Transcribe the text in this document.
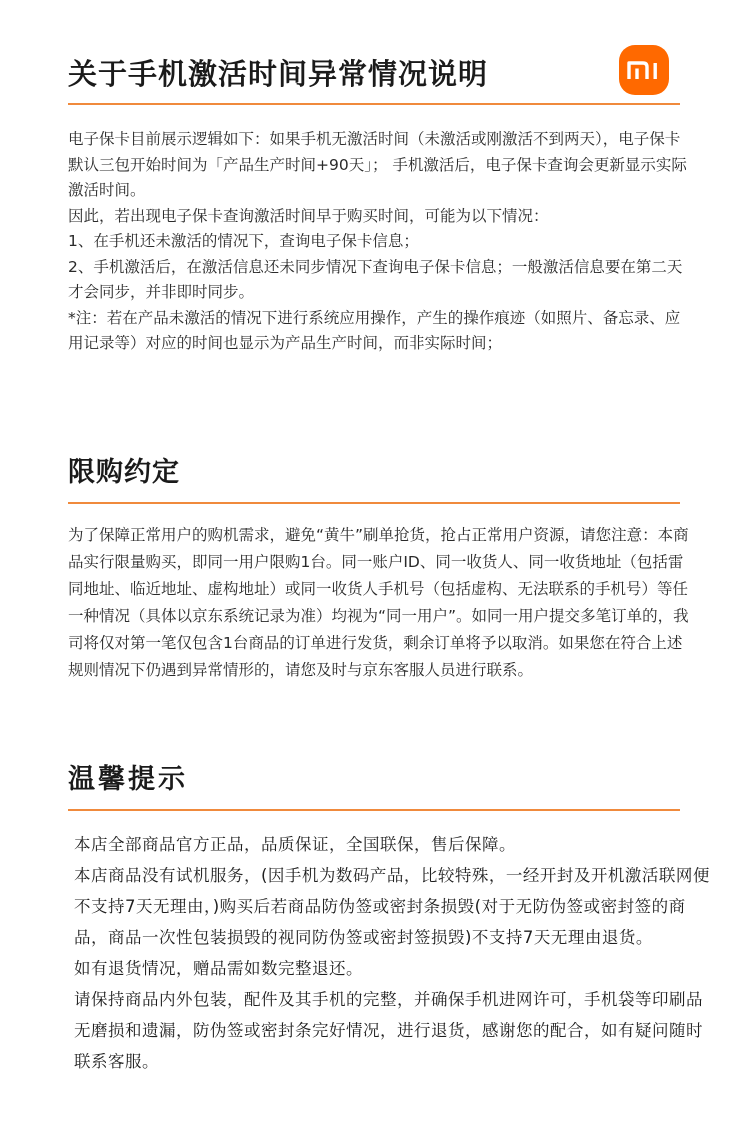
关于手机激活时间异常情况说明

电子保卡目前展示逻辑如下：如果手机无激活时间（未激活或刚激活不到两天），电子保卡默认三包开始时间为「产品生产时间+90天」； 手机激活后，电子保卡查询会更新显示实际激活时间。

因此，若出现电子保卡查询激活时间早于购买时间，可能为以下情况：

1、在手机还未激活的情况下，查询电子保卡信息；

2、手机激活后，在激活信息还未同步情况下查询电子保卡信息；一般激活信息要在第二天才会同步，并非即时同步。

*注：若在产品未激活的情况下进行系统应用操作，产生的操作痕迹（如照片、备忘录、应用记录等）对应的时间也显示为产品生产时间，而非实际时间；

限购约定

为了保障正常用户的购机需求，避免“黄牛”刷单抢货，抢占正常用户资源，请您注意：本商品实行限量购买，即同一用户限购1台。同一账户ID、同一收货人、同一收货地址（包括雷同地址、临近地址、虚构地址）或同一收货人手机号（包括虚构、无法联系的手机号）等任一种情况（具体以京东系统记录为准）均视为“同一用户”。如同一用户提交多笔订单的，我司将仅对第一笔仅包含1台商品的订单进行发货，剩余订单将予以取消。如果您在符合上述规则情况下仍遇到异常情形的，请您及时与京东客服人员进行联系。

温馨提示

本店全部商品官方正品，品质保证，全国联保，售后保障。

本店商品没有试机服务，(因手机为数码产品，比较特殊，一经开封及开机激活联网便不支持7天无理由，)购买后若商品防伪签或密封条损毁(对于无防伪签或密封签的商品，商品一次性包装损毁的视同防伪签或密封签损毁)不支持7天无理由退货。

如有退货情况，赠品需如数完整退还。

请保持商品内外包装，配件及其手机的完整，并确保手机进网许可，手机袋等印刷品无磨损和遗漏，防伪签或密封条完好情况，进行退货，感谢您的配合，如有疑问随时联系客服。
